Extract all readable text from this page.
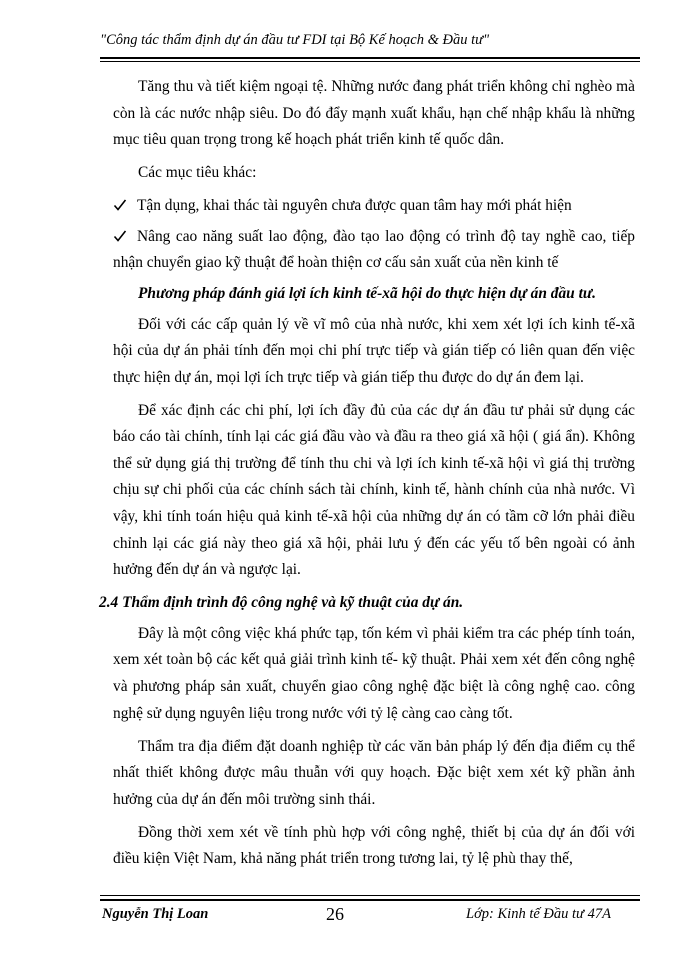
"Công tác thẩm định dự án đầu tư FDI tại Bộ Kế hoạch & Đầu tư"

Tăng thu và tiết kiệm ngoại tệ. Những nước đang phát triển không chỉ nghèo mà còn là các nước nhập siêu. Do đó đẩy mạnh xuất khẩu, hạn chế nhập khẩu là những mục tiêu quan trọng trong kế hoạch phát triển kinh tế quốc dân.

Các mục tiêu khác:

Tận dụng, khai thác tài nguyên chưa được quan tâm hay mới phát hiện

Nâng cao năng suất lao động, đào tạo lao động có trình độ tay nghề cao, tiếp nhận chuyển giao kỹ thuật để hoàn thiện cơ cấu sản xuất của nền kinh tế

Phương pháp đánh giá lợi ích kinh tế-xã hội do thực hiện dự án đầu tư.

Đối với các cấp quản lý về vĩ mô của nhà nước, khi xem xét lợi ích kinh tế-xã hội của dự án phải tính đến mọi chi phí trực tiếp và gián tiếp có liên quan đến việc thực hiện dự án, mọi lợi ích trực tiếp và gián tiếp thu được do dự án đem lại.

Để xác định các chi phí, lợi ích đầy đủ của các dự án đầu tư phải sử dụng các báo cáo tài chính, tính lại các giá đầu vào và đầu ra theo giá xã hội ( giá ẩn). Không thể sử dụng giá thị trường để tính thu chi và lợi ích kinh tế-xã hội vì giá thị trường chịu sự chi phối của các chính sách tài chính, kinh tế, hành chính của nhà nước. Vì vậy, khi tính toán hiệu quả kinh tế-xã hội của những dự án có tầm cỡ lớn phải điều chỉnh lại các giá này theo giá xã hội, phải lưu ý đến các yếu tố bên ngoài có ảnh hưởng đến dự án và ngược lại.

2.4 Thẩm định trình độ công nghệ và kỹ thuật của dự án.

Đây là một công việc khá phức tạp, tốn kém vì phải kiểm tra các phép tính toán, xem xét toàn bộ các kết quả giải trình kinh tế- kỹ thuật. Phải xem xét đến công nghệ và phương pháp sản xuất, chuyển giao công nghệ đặc biệt là công nghệ cao. công nghệ sử dụng nguyên liệu trong nước với tỷ lệ càng cao càng tốt.

Thẩm tra địa điểm đặt doanh nghiệp từ các văn bản pháp lý đến địa điểm cụ thể nhất thiết không được mâu thuẫn với quy hoạch. Đặc biệt xem xét kỹ phần ảnh hưởng của dự án đến môi trường sinh thái.

Đồng thời xem xét về tính phù hợp với công nghệ, thiết bị của dự án đối với điều kiện Việt Nam, khả năng phát triển trong tương lai, tỷ lệ phù thay thế,

Nguyễn Thị Loan	26	Lớp: Kinh tế Đầu tư 47A
